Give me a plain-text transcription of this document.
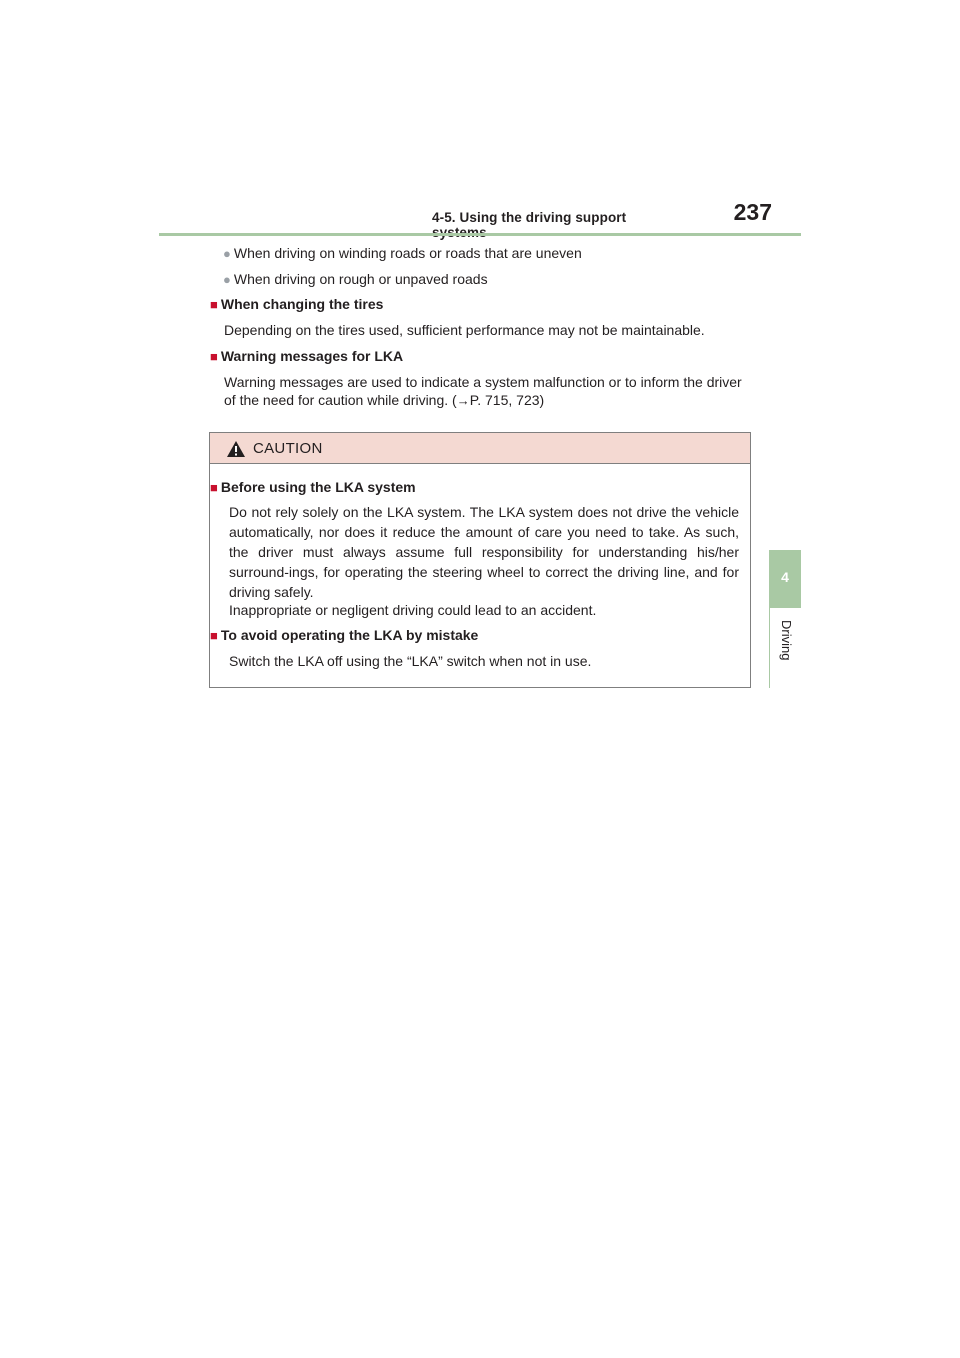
4-5. Using the driving support	237
4
Driving
● When driving on winding roads or roads that are uneven
● When driving on rough or unpaved roads
■ When changing the tires
Depending on the tires used, sufficient performance may not be maintainable.
■ Warning messages for LKA
Warning messages are used to indicate a system malfunction or to inform the driver
of the need for caution while driving. (→P. 715, 723)
CAUTION
■ Before using the LKA system
Do not rely solely on the LKA system. The LKA system does not drive the vehicle automatically, nor does it reduce the amount of care you need to take. As such, the driver must always assume full responsibility for understanding his/her surround-ings, for operating the steering wheel to correct the driving line, and for driving safely.
Inappropriate or negligent driving could lead to an accident.
■ To avoid operating the LKA by mistake
Switch the LKA off using the “LKA” switch when not in use.
